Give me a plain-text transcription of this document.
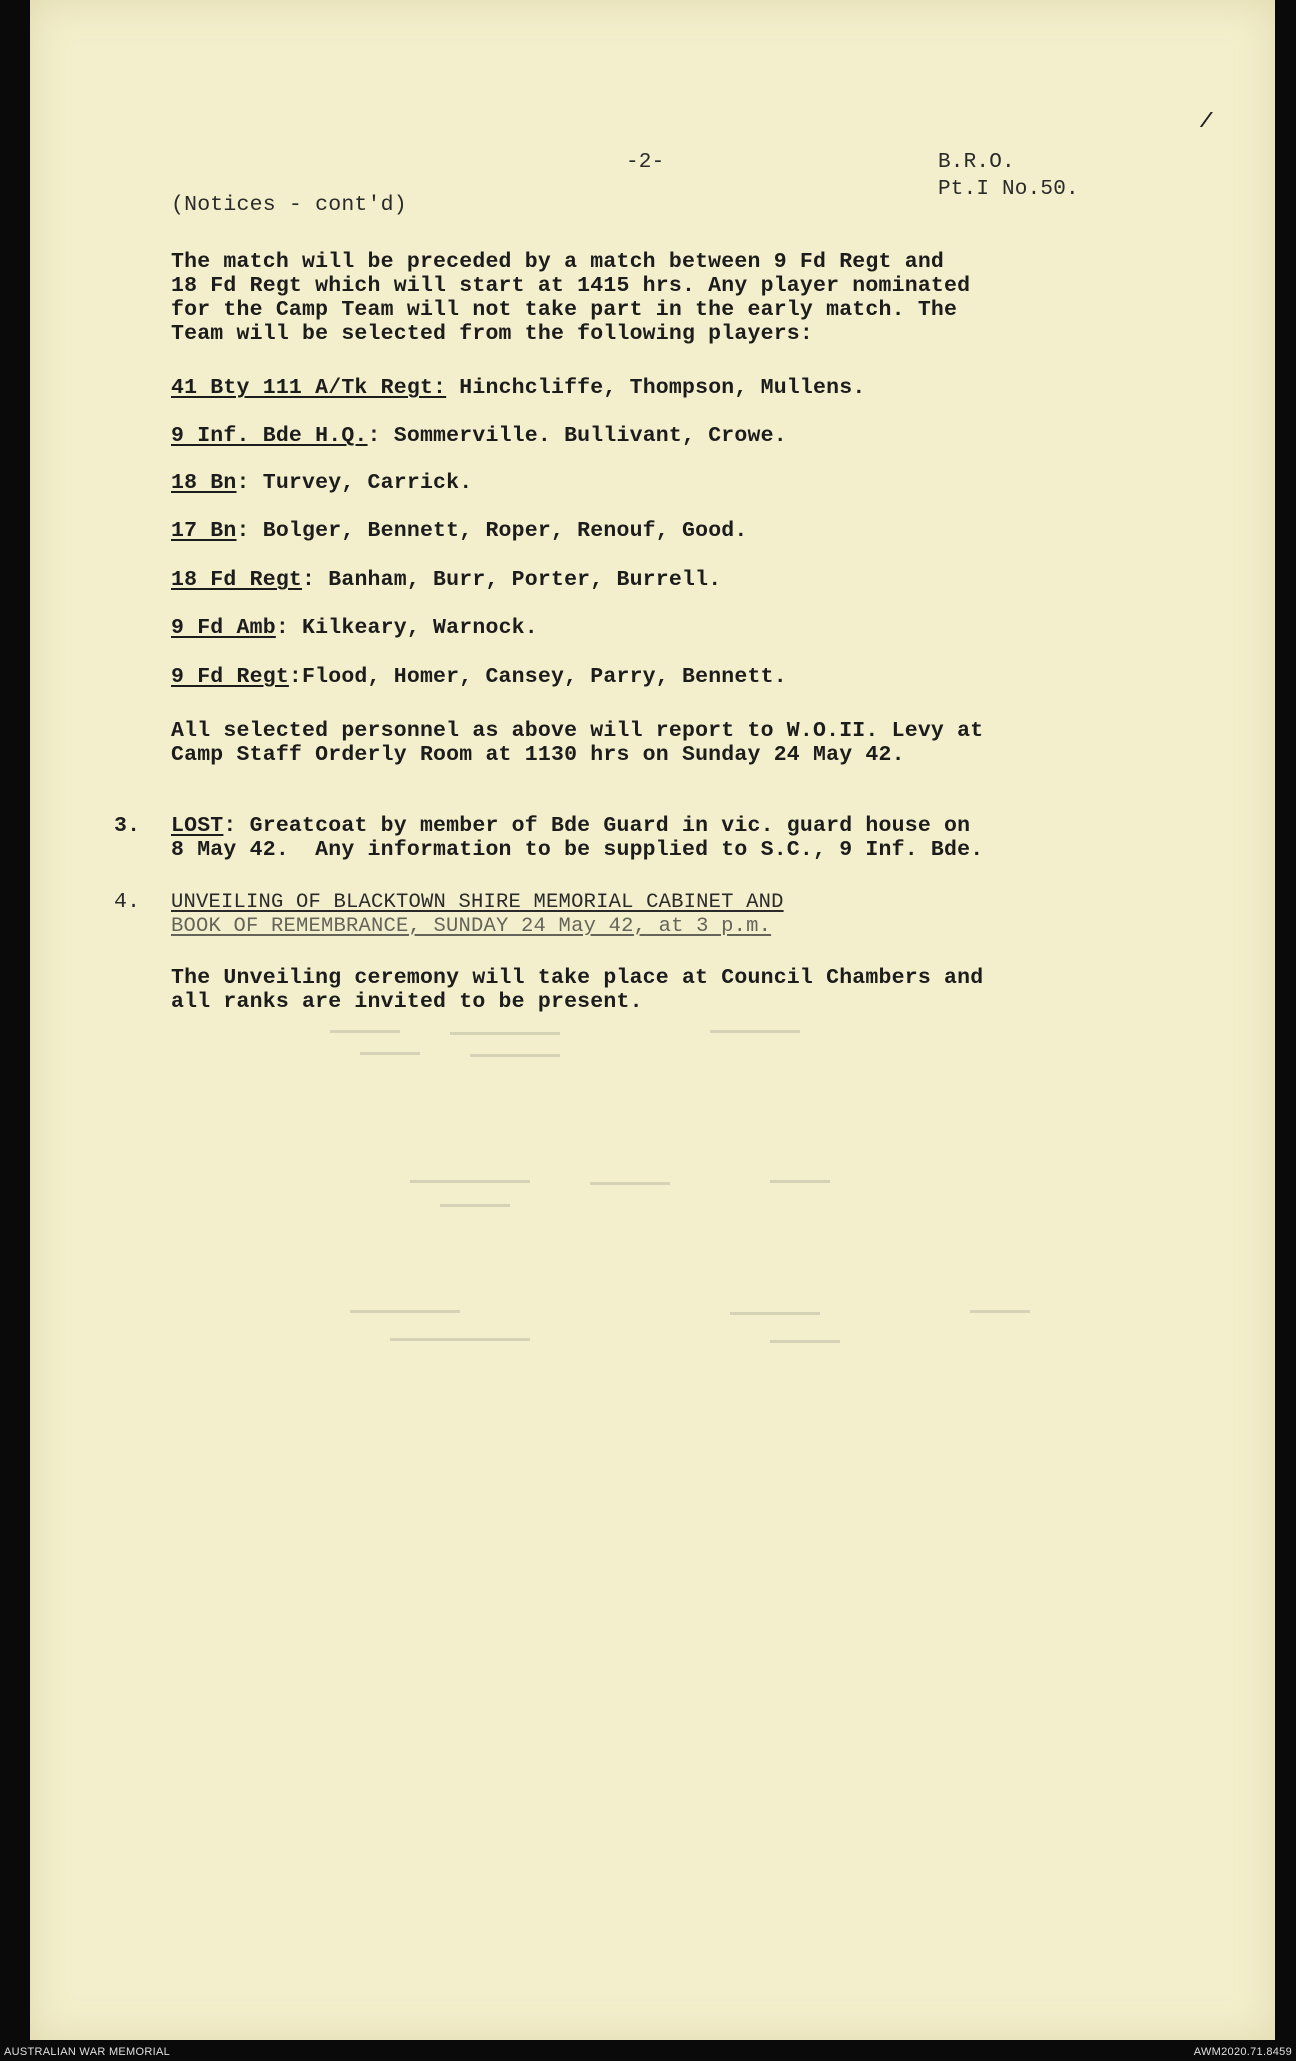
-2-	B.R.O.
Pt.I No.50.
/
(Notices - cont'd)
The match will be preceded by a match between 9 Fd Regt and
18 Fd Regt which will start at 1415 hrs. Any player nominated
for the Camp Team will not take part in the early match. The
Team will be selected from the following players:
41 Bty 111 A/Tk Regt: Hinchcliffe, Thompson, Mullens.
9 Inf. Bde H.Q.: Sommerville. Bullivant, Crowe.
18 Bn: Turvey, Carrick.
17 Bn: Bolger, Bennett, Roper, Renouf, Good.
18 Fd Regt: Banham, Burr, Porter, Burrell.
9 Fd Amb: Kilkeary, Warnock.
9 Fd Regt:Flood, Homer, Cansey, Parry, Bennett.
All selected personnel as above will report to W.O.II. Levy at
Camp Staff Orderly Room at 1130 hrs on Sunday 24 May 42.
3. LOST: Greatcoat by member of Bde Guard in vic. guard house on
8 May 42.  Any information to be supplied to S.C., 9 Inf. Bde.
4. UNVEILING OF BLACKTOWN SHIRE MEMORIAL CABINET AND
BOOK OF REMEMBRANCE, SUNDAY 24 May 42, at 3 p.m.
The Unveiling ceremony will take place at Council Chambers and
all ranks are invited to be present.
AUSTRALIAN WAR MEMORIAL	AWM2020.71.8459
